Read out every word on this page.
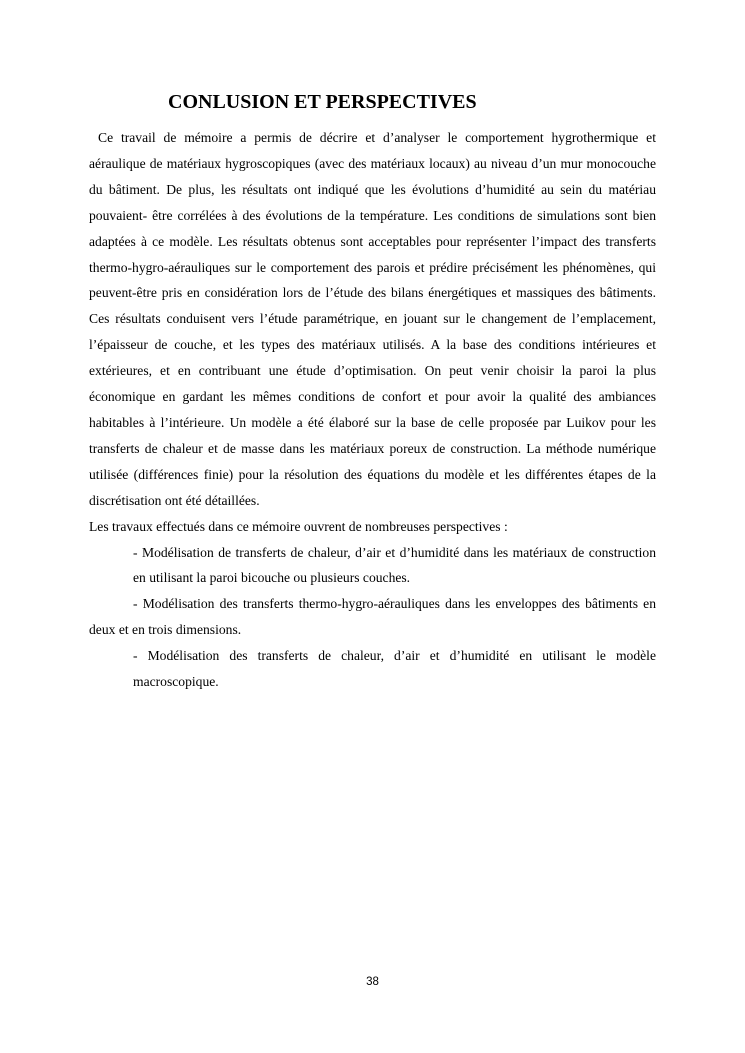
CONLUSION ET PERSPECTIVES

Ce travail de mémoire a permis de décrire et d’analyser le comportement hygrothermique et aéraulique de matériaux hygroscopiques (avec des matériaux locaux) au niveau d’un mur monocouche du bâtiment. De plus, les résultats ont indiqué que les évolutions d’humidité au sein du matériau pouvaient- être corrélées à des évolutions de la température. Les conditions de simulations sont bien adaptées à ce modèle. Les résultats obtenus sont acceptables pour représenter l’impact des transferts thermo-hygro-aérauliques sur le comportement des parois et prédire précisément les phénomènes, qui peuvent-être pris en considération lors de l’étude des bilans énergétiques et massiques des bâtiments. Ces résultats conduisent vers l’étude paramétrique, en jouant sur le changement de l’emplacement, l’épaisseur de couche, et les types des matériaux utilisés. A la base des conditions intérieures et extérieures, et en contribuant une étude d’optimisation. On peut venir choisir la paroi la plus économique en gardant les mêmes conditions de confort et pour avoir la qualité des ambiances habitables à l’intérieure. Un modèle a été élaboré sur la base de celle proposée par Luikov pour les transferts de chaleur et de masse dans les matériaux poreux de construction. La méthode numérique utilisée (différences finie) pour la résolution des équations du modèle et les différentes étapes de la discrétisation ont été détaillées.

Les travaux effectués dans ce mémoire ouvrent de nombreuses perspectives :

- Modélisation de transferts de chaleur, d’air et d’humidité dans les matériaux de construction en utilisant la paroi bicouche ou plusieurs couches.

- Modélisation des transferts thermo-hygro-aérauliques dans les enveloppes des bâtiments en deux et en trois dimensions.

- Modélisation des transferts de chaleur, d’air et d’humidité en utilisant le modèle macroscopique.

38
